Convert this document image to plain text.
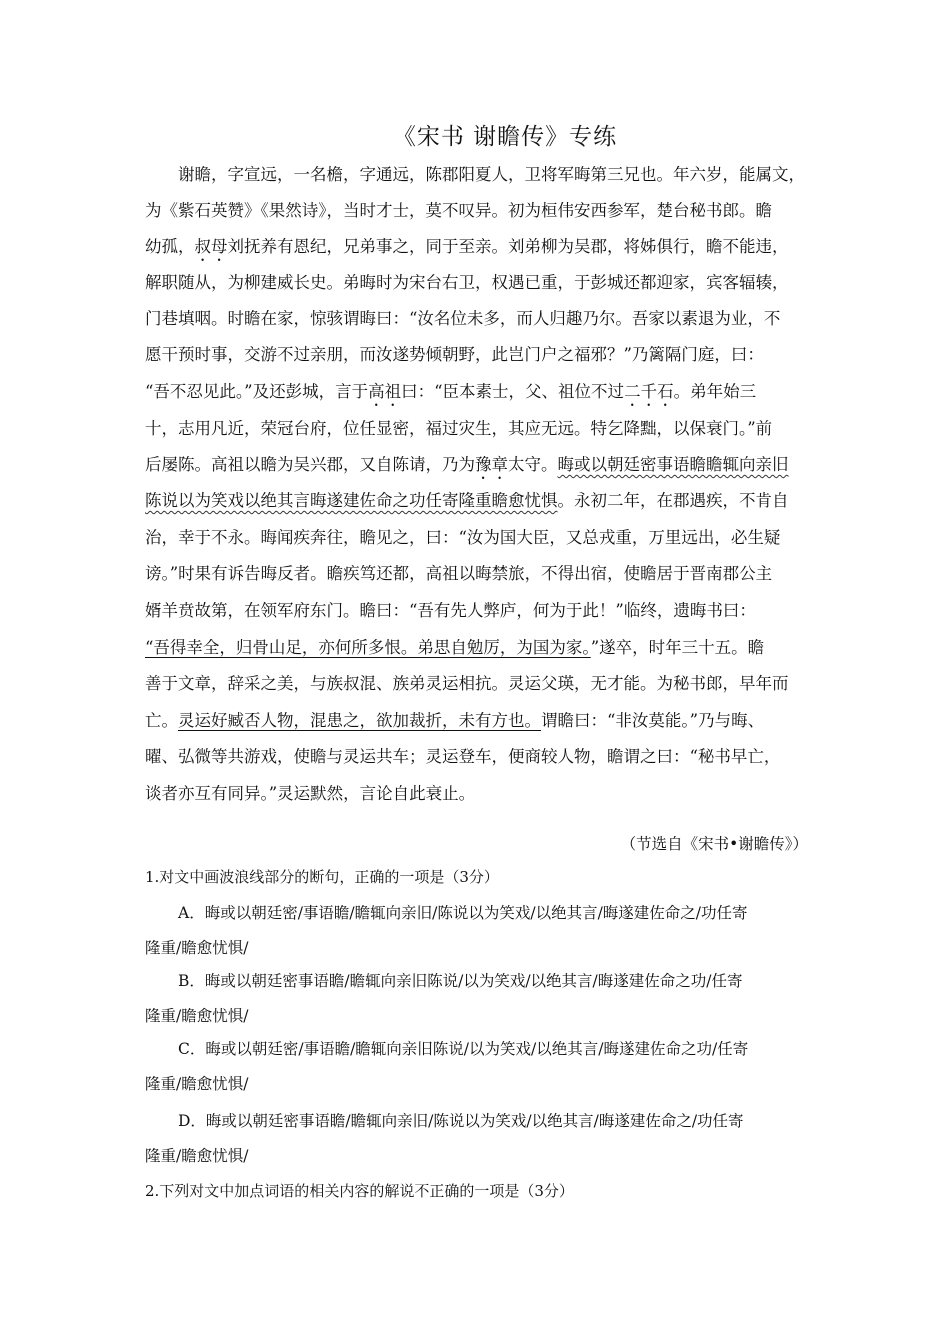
《宋书 谢瞻传》专练
谢瞻，字宣远，一名檐，字通远，陈郡阳夏人，卫将军晦第三兄也。年六岁，能属文，
为《紫石英赞》《果然诗》，当时才士，莫不叹异。初为桓伟安西参军，楚台秘书郎。瞻
幼孤，叔母刘抚养有恩纪，兄弟事之，同于至亲。刘弟柳为吴郡，将姊俱行，瞻不能违，
解职随从，为柳建威长史。弟晦时为宋台右卫，权遇已重，于彭城还都迎家，宾客辐辏，
门巷填咽。时瞻在家，惊骇谓晦曰：“汝名位未多，而人归趣乃尔。吾家以素退为业，不
愿干预时事，交游不过亲朋，而汝遂势倾朝野，此岂门户之福邪？”乃篱隔门庭，曰：
“吾不忍见此。”及还彭城，言于高祖曰：“臣本素士，父、祖位不过二千石。弟年始三
十，志用凡近，荣冠台府，位任显密，福过灾生，其应无远。特乞降黜，以保衰门。”前
后屡陈。高祖以瞻为吴兴郡，又自陈请，乃为豫章太守。晦或以朝廷密事语瞻瞻辄向亲旧
陈说以为笑戏以绝其言晦遂建佐命之功任寄隆重瞻愈忧惧。永初二年，在郡遇疾，不肯自
治，幸于不永。晦闻疾奔往，瞻见之，曰：“汝为国大臣，又总戎重，万里远出，必生疑
谤。”时果有诉告晦反者。瞻疾笃还都，高祖以晦禁旅，不得出宿，使瞻居于晋南郡公主
婿羊贲故第，在领军府东门。瞻曰：“吾有先人弊庐，何为于此！”临终，遗晦书曰：
“吾得幸全，归骨山足，亦何所多恨。弟思自勉厉，为国为家。”遂卒，时年三十五。瞻
善于文章，辞采之美，与族叔混、族弟灵运相抗。灵运父瑛，无才能。为秘书郎，早年而
亡。灵运好臧否人物，混患之，欲加裁折，未有方也。谓瞻曰：“非汝莫能。”乃与晦、
曜、弘微等共游戏，使瞻与灵运共车；灵运登车，便商较人物，瞻谓之曰：“秘书早亡，
谈者亦互有同异。”灵运默然，言论自此衰止。
（节选自《宋书•谢瞻传》）
1.对文中画波浪线部分的断句，正确的一项是（3分）
A．晦或以朝廷密/事语瞻/瞻辄向亲旧/陈说以为笑戏/以绝其言/晦遂建佐命之/功任寄
隆重/瞻愈忧惧/
B．晦或以朝廷密事语瞻/瞻辄向亲旧陈说/以为笑戏/以绝其言/晦遂建佐命之功/任寄
隆重/瞻愈忧惧/
C．晦或以朝廷密/事语瞻/瞻辄向亲旧陈说/以为笑戏/以绝其言/晦遂建佐命之功/任寄
隆重/瞻愈忧惧/
D．晦或以朝廷密事语瞻/瞻辄向亲旧/陈说以为笑戏/以绝其言/晦遂建佐命之/功任寄
隆重/瞻愈忧惧/
2.下列对文中加点词语的相关内容的解说不正确的一项是（3分）
